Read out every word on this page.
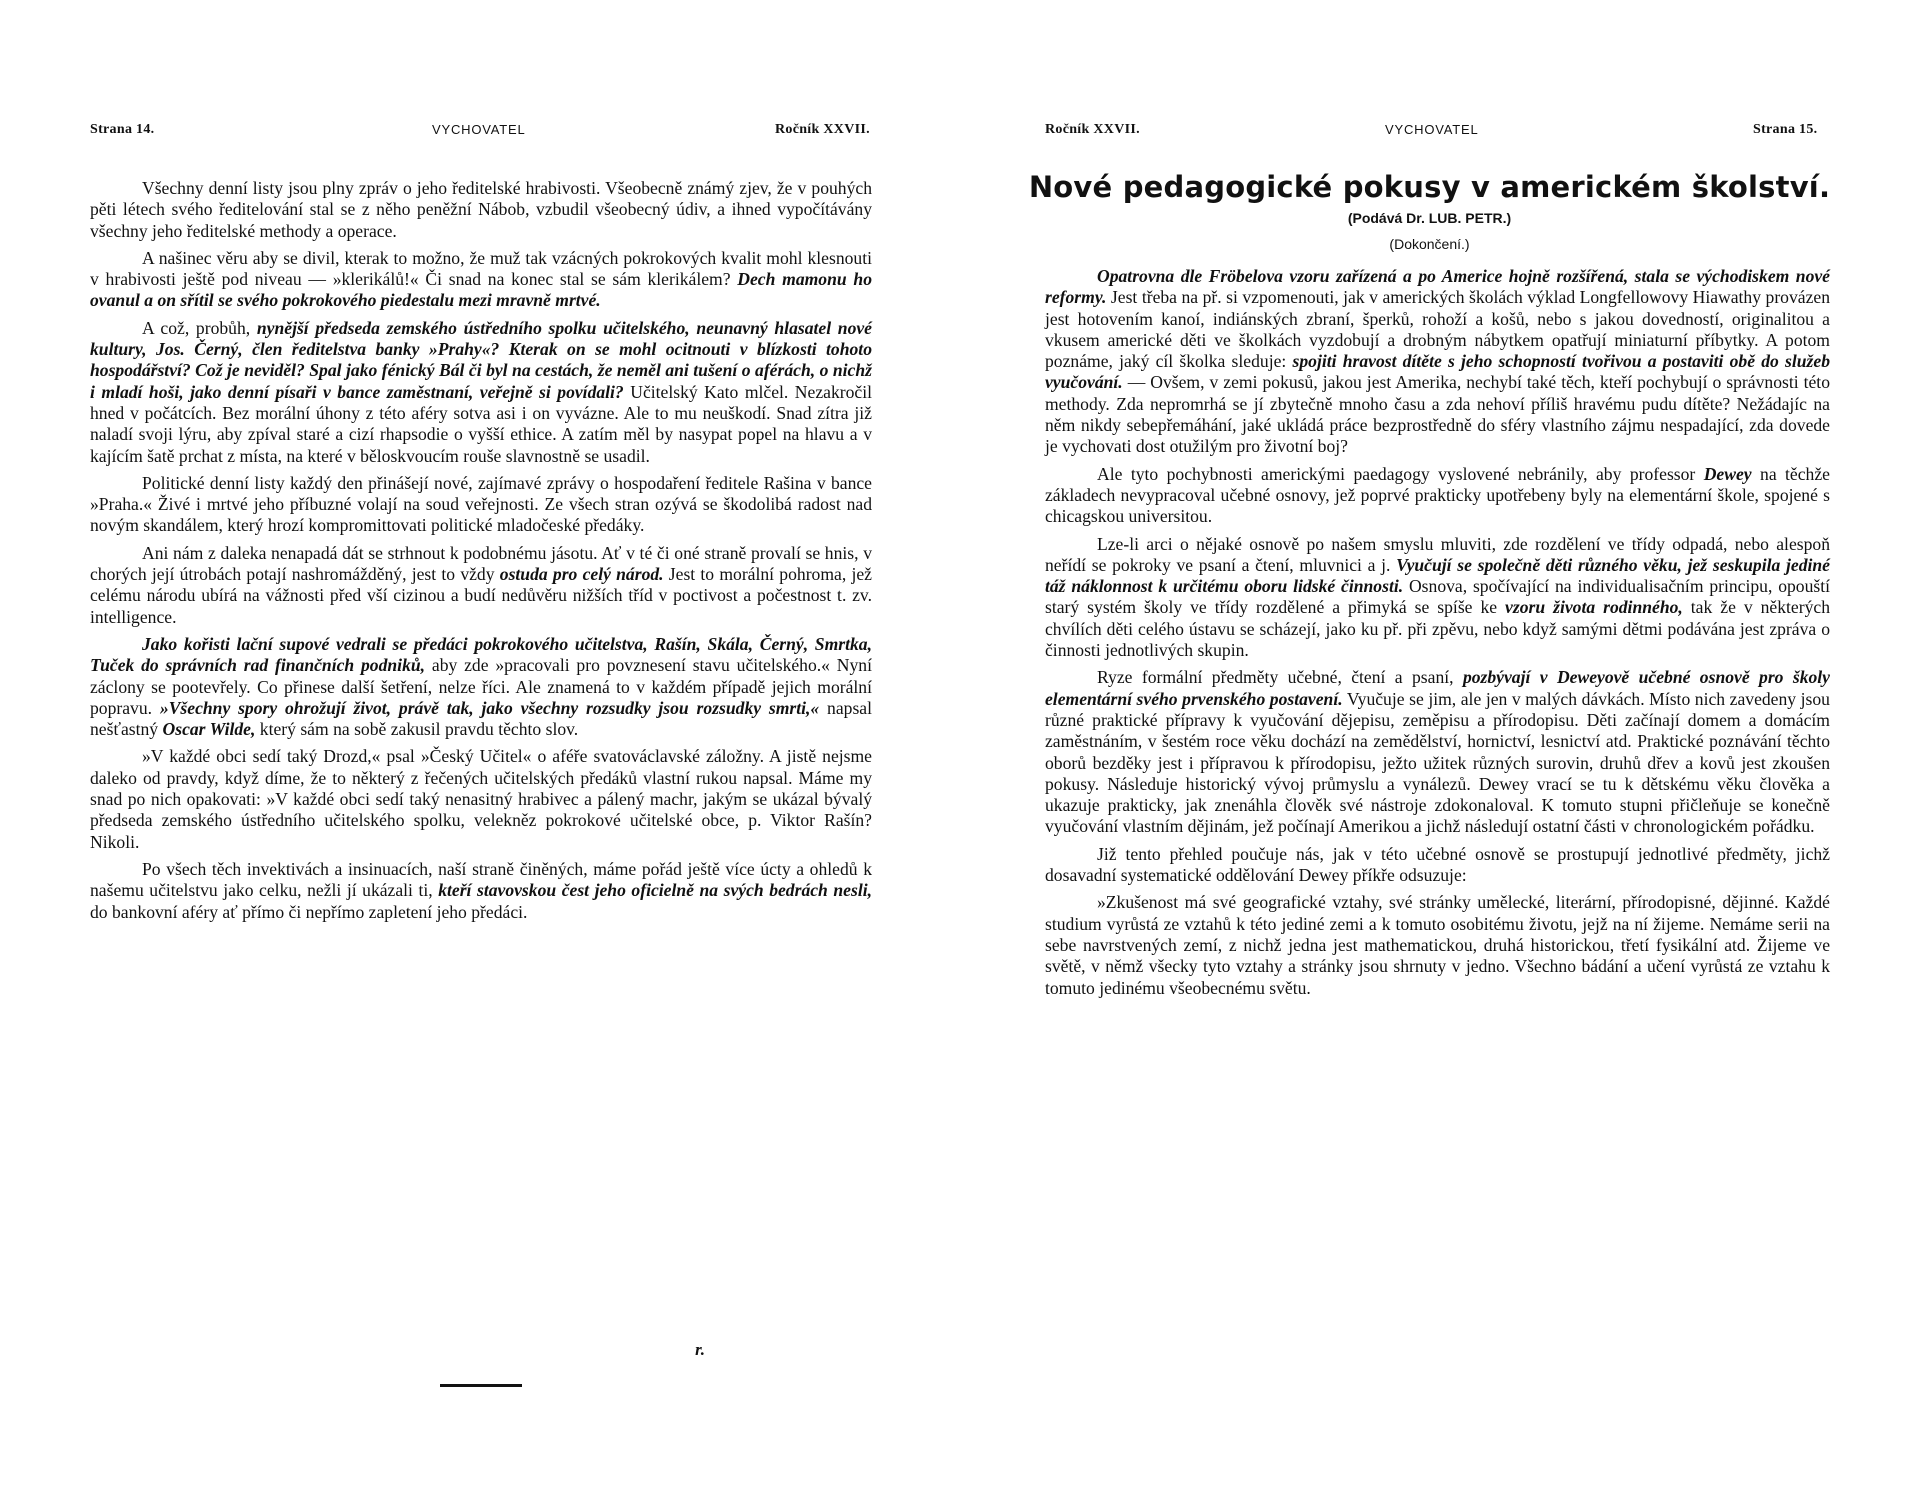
Strana 14.	VYCHOVATEL	Ročník XXVII.

Všechny denní listy jsou plny zpráv o jeho ředitelské hrabivosti. Všeobecně známý zjev, že v pouhých pěti létech svého ředitelování stal se z něho peněžní Nábob, vzbudil všeobecný údiv, a ihned vypočítávány všechny jeho ředitelské methody a operace.

A našinec věru aby se divil, kterak to možno, že muž tak vzácných pokrokových kvalit mohl klesnouti v hrabivosti ještě pod niveau — »klerikálů!« Či snad na konec stal se sám klerikálem? Dech mamonu ho ovanul a on sřítil se svého pokrokového piedestalu mezi mravně mrtvé.

A což, probůh, nynější předseda zemského ústředního spolku učitelského, neunavný hlasatel nové kultury, Jos. Černý, člen ředitelstva banky »Prahy«? Kterak on se mohl ocitnouti v blízkosti tohoto hospodářství? Což je neviděl? Spal jako fénický Bál či byl na cestách, že neměl ani tušení o aférách, o nichž i mladí hoši, jako denní písaři v bance zaměstnaní, veřejně si povídali? Učitelský Kato mlčel. Nezakročil hned v počátcích. Bez morální úhony z této aféry sotva asi i on vyvázne. Ale to mu neuškodí. Snad zítra již naladí svoji lýru, aby zpíval staré a cizí rhapsodie o vyšší ethice. A zatím měl by nasypat popel na hlavu a v kajícím šatě prchat z místa, na které v běloskvoucím rouše slavnostně se usadil.

Politické denní listy každý den přinášejí nové, zajímavé zprávy o hospodaření ředitele Rašina v bance »Praha.« Živé i mrtvé jeho příbuzné volají na soud veřejnosti. Ze všech stran ozývá se škodolibá radost nad novým skandálem, který hrozí kompromittovati politické mladočeské předáky.

Ani nám z daleka nenapadá dát se strhnout k podobnému jásotu. Ať v té či oné straně provalí se hnis, v chorých její útrobách potají nashromážděný, jest to vždy ostuda pro celý národ. Jest to morální pohroma, jež celému národu ubírá na vážnosti před vší cizinou a budí nedůvěru nižších tříd v poctivost a počestnost t. zv. intelligence.

Jako kořisti lační supové vedrali se předáci pokrokového učitelstva, Rašín, Skála, Černý, Smrtka, Tuček do správních rad finančních podniků, aby zde »pracovali pro povznesení stavu učitelského.« Nyní záclony se pootevřely. Co přinese další šetření, nelze říci. Ale znamená to v každém případě jejich morální popravu. »Všechny spory ohrožují život, právě tak, jako všechny rozsudky jsou rozsudky smrti,« napsal nešťastný Oscar Wilde, který sám na sobě zakusil pravdu těchto slov.

»V každé obci sedí taký Drozd,« psal »Český Učitel« o aféře svatováclavské záložny. A jistě nejsme daleko od pravdy, když díme, že to některý z řečených učitelských předáků vlastní rukou napsal. Máme my snad po nich opakovati: »V každé obci sedí taký nenasitný hrabivec a pálený machr, jakým se ukázal bývalý předseda zemského ústředního učitelského spolku, velekněz pokrokové učitelské obce, p. Viktor Rašín? Nikoli.

Po všech těch invektivách a insinuacích, naší straně činěných, máme pořád ještě více úcty a ohledů k našemu učitelstvu jako celku, nežli jí ukázali ti, kteří stavovskou čest jeho oficielně na svých bedrách nesli, do bankovní aféry ať přímo či nepřímo zapletení jeho předáci.

r.
Ročník XXVII.	VYCHOVATEL	Strana 15.
Nové pedagogické pokusy v americkém školství.
(Podává Dr. LUB. PETR.)
(Dokončení.)

Opatrovna dle Fröbelova vzoru zařízená a po Americe hojně rozšířená, stala se východiskem nové reformy. Jest třeba na př. si vzpomenouti, jak v amerických školách výklad Longfellowovy Hiawathy provázen jest hotovením kanoí, indiánských zbraní, šperků, rohoží a košů, nebo s jakou dovedností, originalitou a vkusem americké děti ve školkách vyzdobují a drobným nábytkem opatřují miniaturní příbytky. A potom poznáme, jaký cíl školka sleduje: spojiti hravost dítěte s jeho schopností tvořivou a postaviti obě do služeb vyučování. — Ovšem, v zemi pokusů, jakou jest Amerika, nechybí také těch, kteří pochybují o správnosti této methody. Zda nepromrhá se jí zbytečně mnoho času a zda nehoví příliš hravému pudu dítěte? Nežádajíc na něm nikdy sebepřemáhání, jaké ukládá práce bezprostředně do sféry vlastního zájmu nespadající, zda dovede je vychovati dost otužilým pro životní boj?

Ale tyto pochybnosti americkými paedagogy vyslovené nebránily, aby professor Dewey na těchže základech nevypracoval učebné osnovy, jež poprvé prakticky upotřebeny byly na elementární škole, spojené s chicagskou universitou.

Lze-li arci o nějaké osnově po našem smyslu mluviti, zde rozdělení ve třídy odpadá, nebo alespoň neřídí se pokroky ve psaní a čtení, mluvnici a j. Vyučují se společně děti různého věku, jež seskupila jediné táž náklonnost k určitému oboru lidské činnosti. Osnova, spočívající na individualisačním principu, opouští starý systém školy ve třídy rozdělené a přimyká se spíše ke vzoru života rodinného, tak že v některých chvílích děti celého ústavu se scházejí, jako ku př. při zpěvu, nebo když samými dětmi podávána jest zpráva o činnosti jednotlivých skupin.

Ryze formální předměty učebné, čtení a psaní, pozbývají v Deweyově učebné osnově pro školy elementární svého prvenského postavení. Vyučuje se jim, ale jen v malých dávkách. Místo nich zavedeny jsou různé praktické přípravy k vyučování dějepisu, zeměpisu a přírodopisu. Děti začínají domem a domácím zaměstnáním, v šestém roce věku dochází na zemědělství, hornictví, lesnictví atd. Praktické poznávání těchto oborů bezděky jest i přípravou k přírodopisu, ježto užitek různých surovin, druhů dřev a kovů jest zkoušen pokusy. Následuje historický vývoj průmyslu a vynálezů. Dewey vrací se tu k dětskému věku člověka a ukazuje prakticky, jak znenáhla člověk své nástroje zdokonaloval. K tomuto stupni přičleňuje se konečně vyučování vlastním dějinám, jež počínají Amerikou a jichž následují ostatní části v chronologickém pořádku.

Již tento přehled poučuje nás, jak v této učebné osnově se prostupují jednotlivé předměty, jichž dosavadní systematické oddělování Dewey příkře odsuzuje:

»Zkušenost má své geografické vztahy, své stránky umělecké, literární, přírodopisné, dějinné. Každé studium vyrůstá ze vztahů k této jediné zemi a k tomuto osobitému životu, jejž na ní žijeme. Nemáme serii na sebe navrstvených zemí, z nichž jedna jest mathematickou, druhá historickou, třetí fysikální atd. Žijeme ve světě, v němž všecky tyto vztahy a stránky jsou shrnuty v jedno. Všechno bádání a učení vyrůstá ze vztahu k tomuto jedinému všeobecnému světu.
